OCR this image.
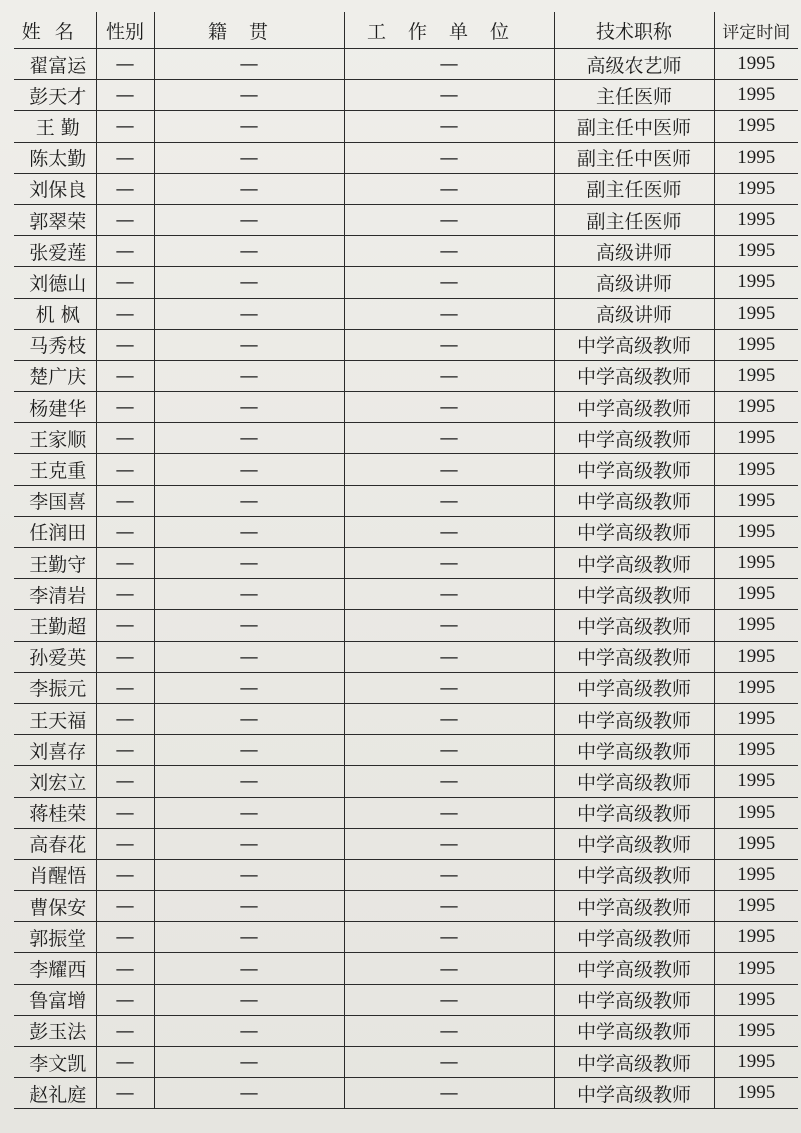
姓名	性别	籍贯	工作单位	技术职称	评定时间
翟富运	—	—	—	高级农艺师	1995
彭天才	—	—	—	主任医师	1995
王 勤	—	—	—	副主任中医师	1995
陈太勤	—	—	—	副主任中医师	1995
刘保良	—	—	—	副主任医师	1995
郭翠荣	—	—	—	副主任医师	1995
张爱莲	—	—	—	高级讲师	1995
刘德山	—	—	—	高级讲师	1995
机 枫	—	—	—	高级讲师	1995
马秀枝	—	—	—	中学高级教师	1995
楚广庆	—	—	—	中学高级教师	1995
杨建华	—	—	—	中学高级教师	1995
王家顺	—	—	—	中学高级教师	1995
王克重	—	—	—	中学高级教师	1995
李国喜	—	—	—	中学高级教师	1995
任润田	—	—	—	中学高级教师	1995
王勤守	—	—	—	中学高级教师	1995
李清岩	—	—	—	中学高级教师	1995
王勤超	—	—	—	中学高级教师	1995
孙爱英	—	—	—	中学高级教师	1995
李振元	—	—	—	中学高级教师	1995
王天福	—	—	—	中学高级教师	1995
刘喜存	—	—	—	中学高级教师	1995
刘宏立	—	—	—	中学高级教师	1995
蒋桂荣	—	—	—	中学高级教师	1995
高春花	—	—	—	中学高级教师	1995
肖醒悟	—	—	—	中学高级教师	1995
曹保安	—	—	—	中学高级教师	1995
郭振堂	—	—	—	中学高级教师	1995
李耀西	—	—	—	中学高级教师	1995
鲁富增	—	—	—	中学高级教师	1995
彭玉法	—	—	—	中学高级教师	1995
李文凯	—	—	—	中学高级教师	1995
赵礼庭	—	—	—	中学高级教师	1995
